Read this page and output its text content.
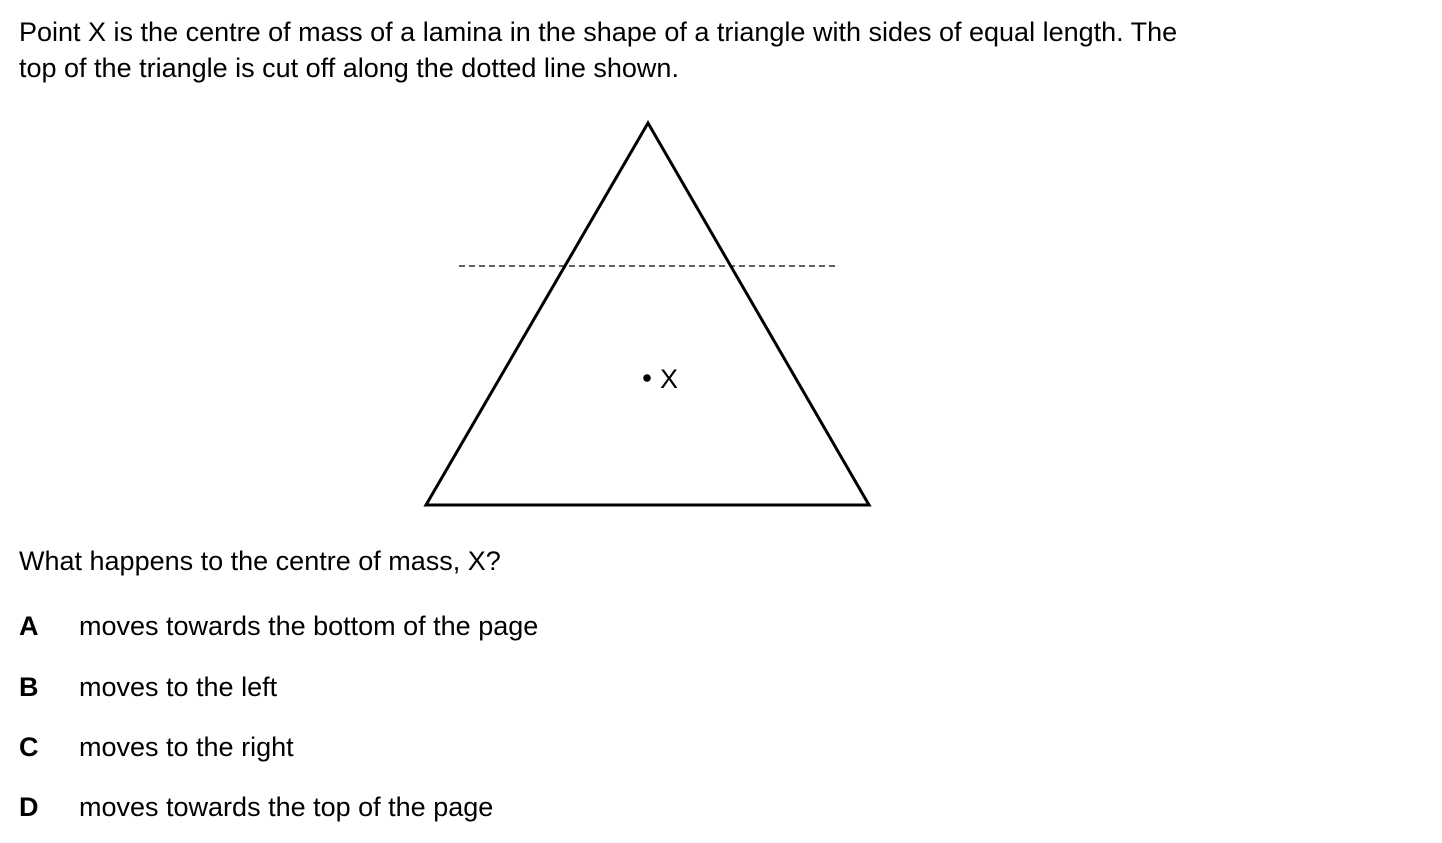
Point X is the centre of mass of a lamina in the shape of a triangle with sides of equal length. The
top of the triangle is cut off along the dotted line shown.

X

What happens to the centre of mass, X?

A	moves towards the bottom of the page
B	moves to the left
C	moves to the right
D	moves towards the top of the page
